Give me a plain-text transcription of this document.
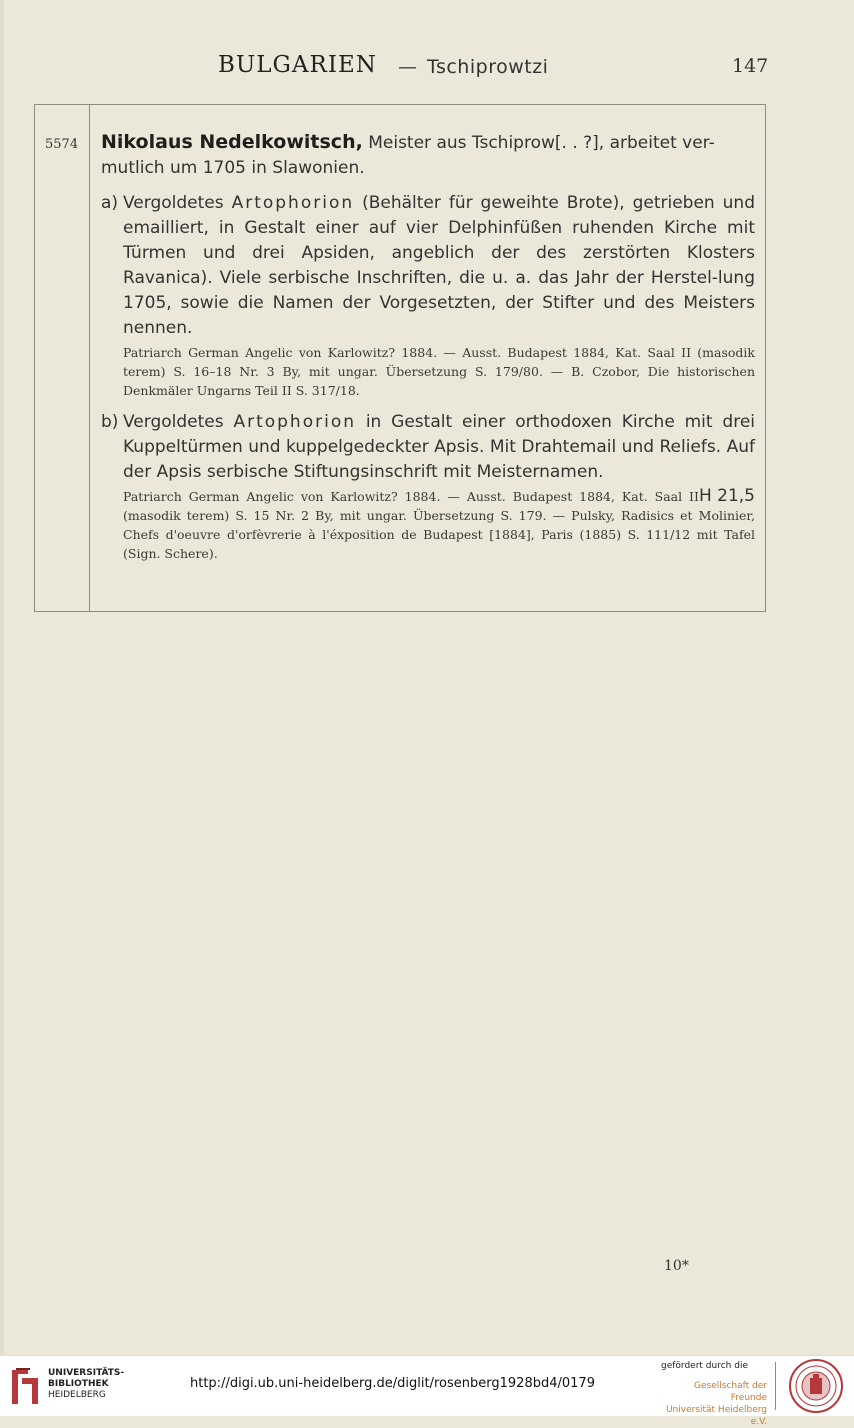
BULGARIEN — Tschiprowtzi	147
5574 Nikolaus Nedelkowitsch, Meister aus Tschiprow[. . ?], arbeitet ver-
mutlich um 1705 in Slawonien.
a) Vergoldetes Artophorion (Behälter für geweihte Brote), getrieben und emailliert, in Gestalt einer auf vier Delphinfüßen ruhenden Kirche mit Türmen und drei Apsiden, angeblich der des zerstörten Klosters Ravanica). Viele serbische Inschriften, die u. a. das Jahr der Herstel-lung 1705, sowie die Namen der Vorgesetzten, der Stifter und des Meisters nennen.
Patriarch German Angelic von Karlowitz? 1884. — Ausst. Budapest 1884, Kat. Saal II (masodik terem) S. 16–18 Nr. 3 By, mit ungar. Übersetzung S. 179/80. — B. Czobor, Die historischen Denkmäler Ungarns Teil II S. 317/18.
b) Vergoldetes Artophorion in Gestalt einer orthodoxen Kirche mit drei Kuppeltürmen und kuppelgedeckter Apsis. Mit Drahtemail und Reliefs. Auf der Apsis serbische Stiftungsinschrift mit Meisternamen.
Patriarch German Angelic von Karlowitz? 1884. — Ausst. Budapest 1884,	H 21,5
Kat. Saal II (masodik terem) S. 15 Nr. 2 By, mit ungar. Übersetzung S. 179. — Pulsky, Radisics et Molinier, Chefs d'oeuvre d'orfèvrerie à l'éxposition de Budapest [1884], Paris (1885) S. 111/12 mit Tafel (Sign. Schere).
10*
UNIVERSITÄTS-
BIBLIOTHEK
HEIDELBERG
http://digi.ub.uni-heidelberg.de/diglit/rosenberg1928bd4/0179
gefördert durch die
Gesellschaft der Freunde
Universität Heidelberg e.V.
